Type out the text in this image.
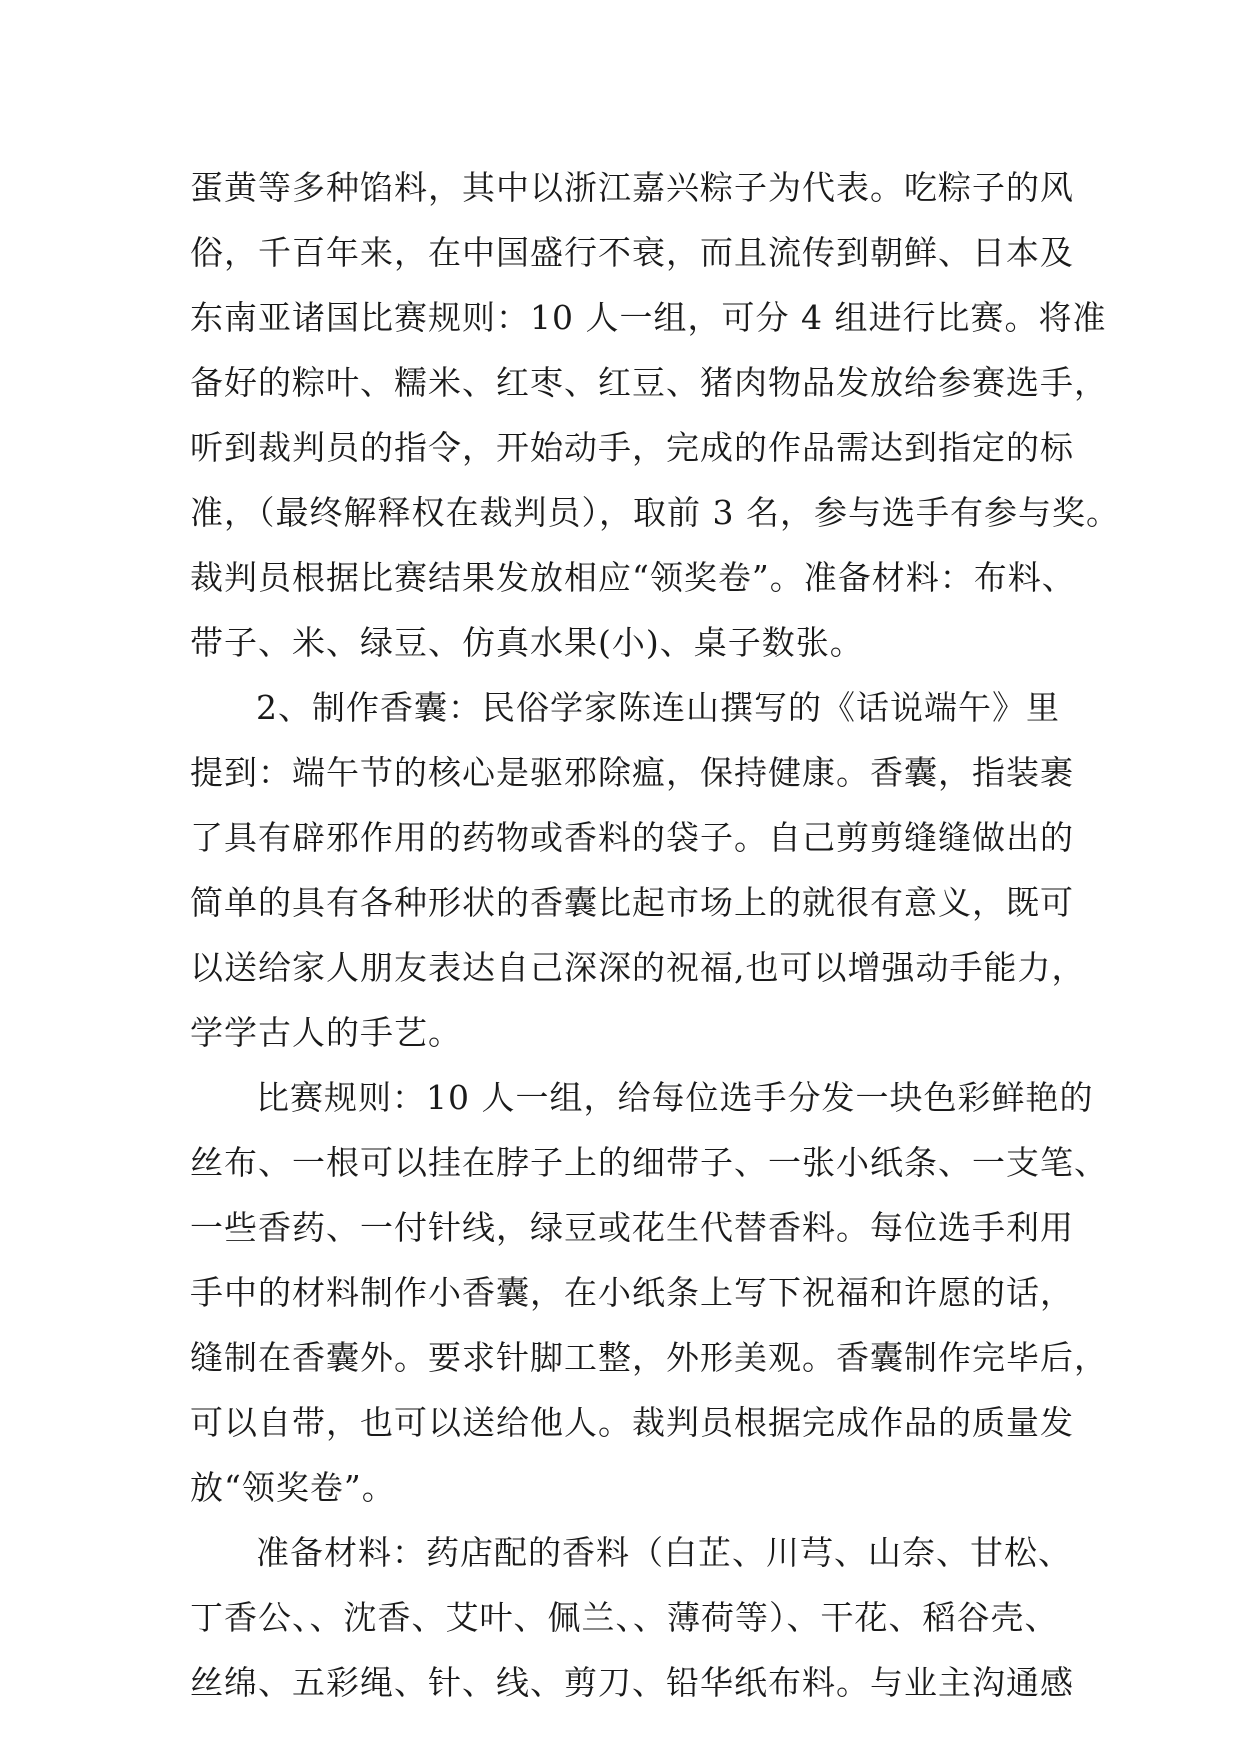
蛋黄等多种馅料，其中以浙江嘉兴粽子为代表。吃粽子的风
俗，千百年来，在中国盛行不衰，而且流传到朝鲜、日本及
东南亚诸国比赛规则：10 人一组，可分 4 组进行比赛。将准
备好的粽叶、糯米、红枣、红豆、猪肉物品发放给参赛选手，
听到裁判员的指令，开始动手，完成的作品需达到指定的标
准，（最终解释权在裁判员），取前 3 名，参与选手有参与奖。
裁判员根据比赛结果发放相应“领奖卷”。准备材料：布料、
带子、米、绿豆、仿真水果(小)、桌子数张。
2、制作香囊：民俗学家陈连山撰写的《话说端午》里
提到：端午节的核心是驱邪除瘟，保持健康。香囊，指装裹
了具有辟邪作用的药物或香料的袋子。自己剪剪缝缝做出的
简单的具有各种形状的香囊比起市场上的就很有意义，既可
以送给家人朋友表达自己深深的祝福,也可以增强动手能力，
学学古人的手艺。
比赛规则：10 人一组，给每位选手分发一块色彩鲜艳的
丝布、一根可以挂在脖子上的细带子、一张小纸条、一支笔、
一些香药、一付针线，绿豆或花生代替香料。每位选手利用
手中的材料制作小香囊，在小纸条上写下祝福和许愿的话，
缝制在香囊外。要求针脚工整，外形美观。香囊制作完毕后，
可以自带，也可以送给他人。裁判员根据完成作品的质量发
放“领奖卷”。
准备材料：药店配的香料（白芷、川芎、山奈、甘松、
丁香公、、沈香、艾叶、佩兰、、薄荷等）、干花、稻谷壳、
丝绵、五彩绳、针、线、剪刀、铅华纸布料。与业主沟通感
